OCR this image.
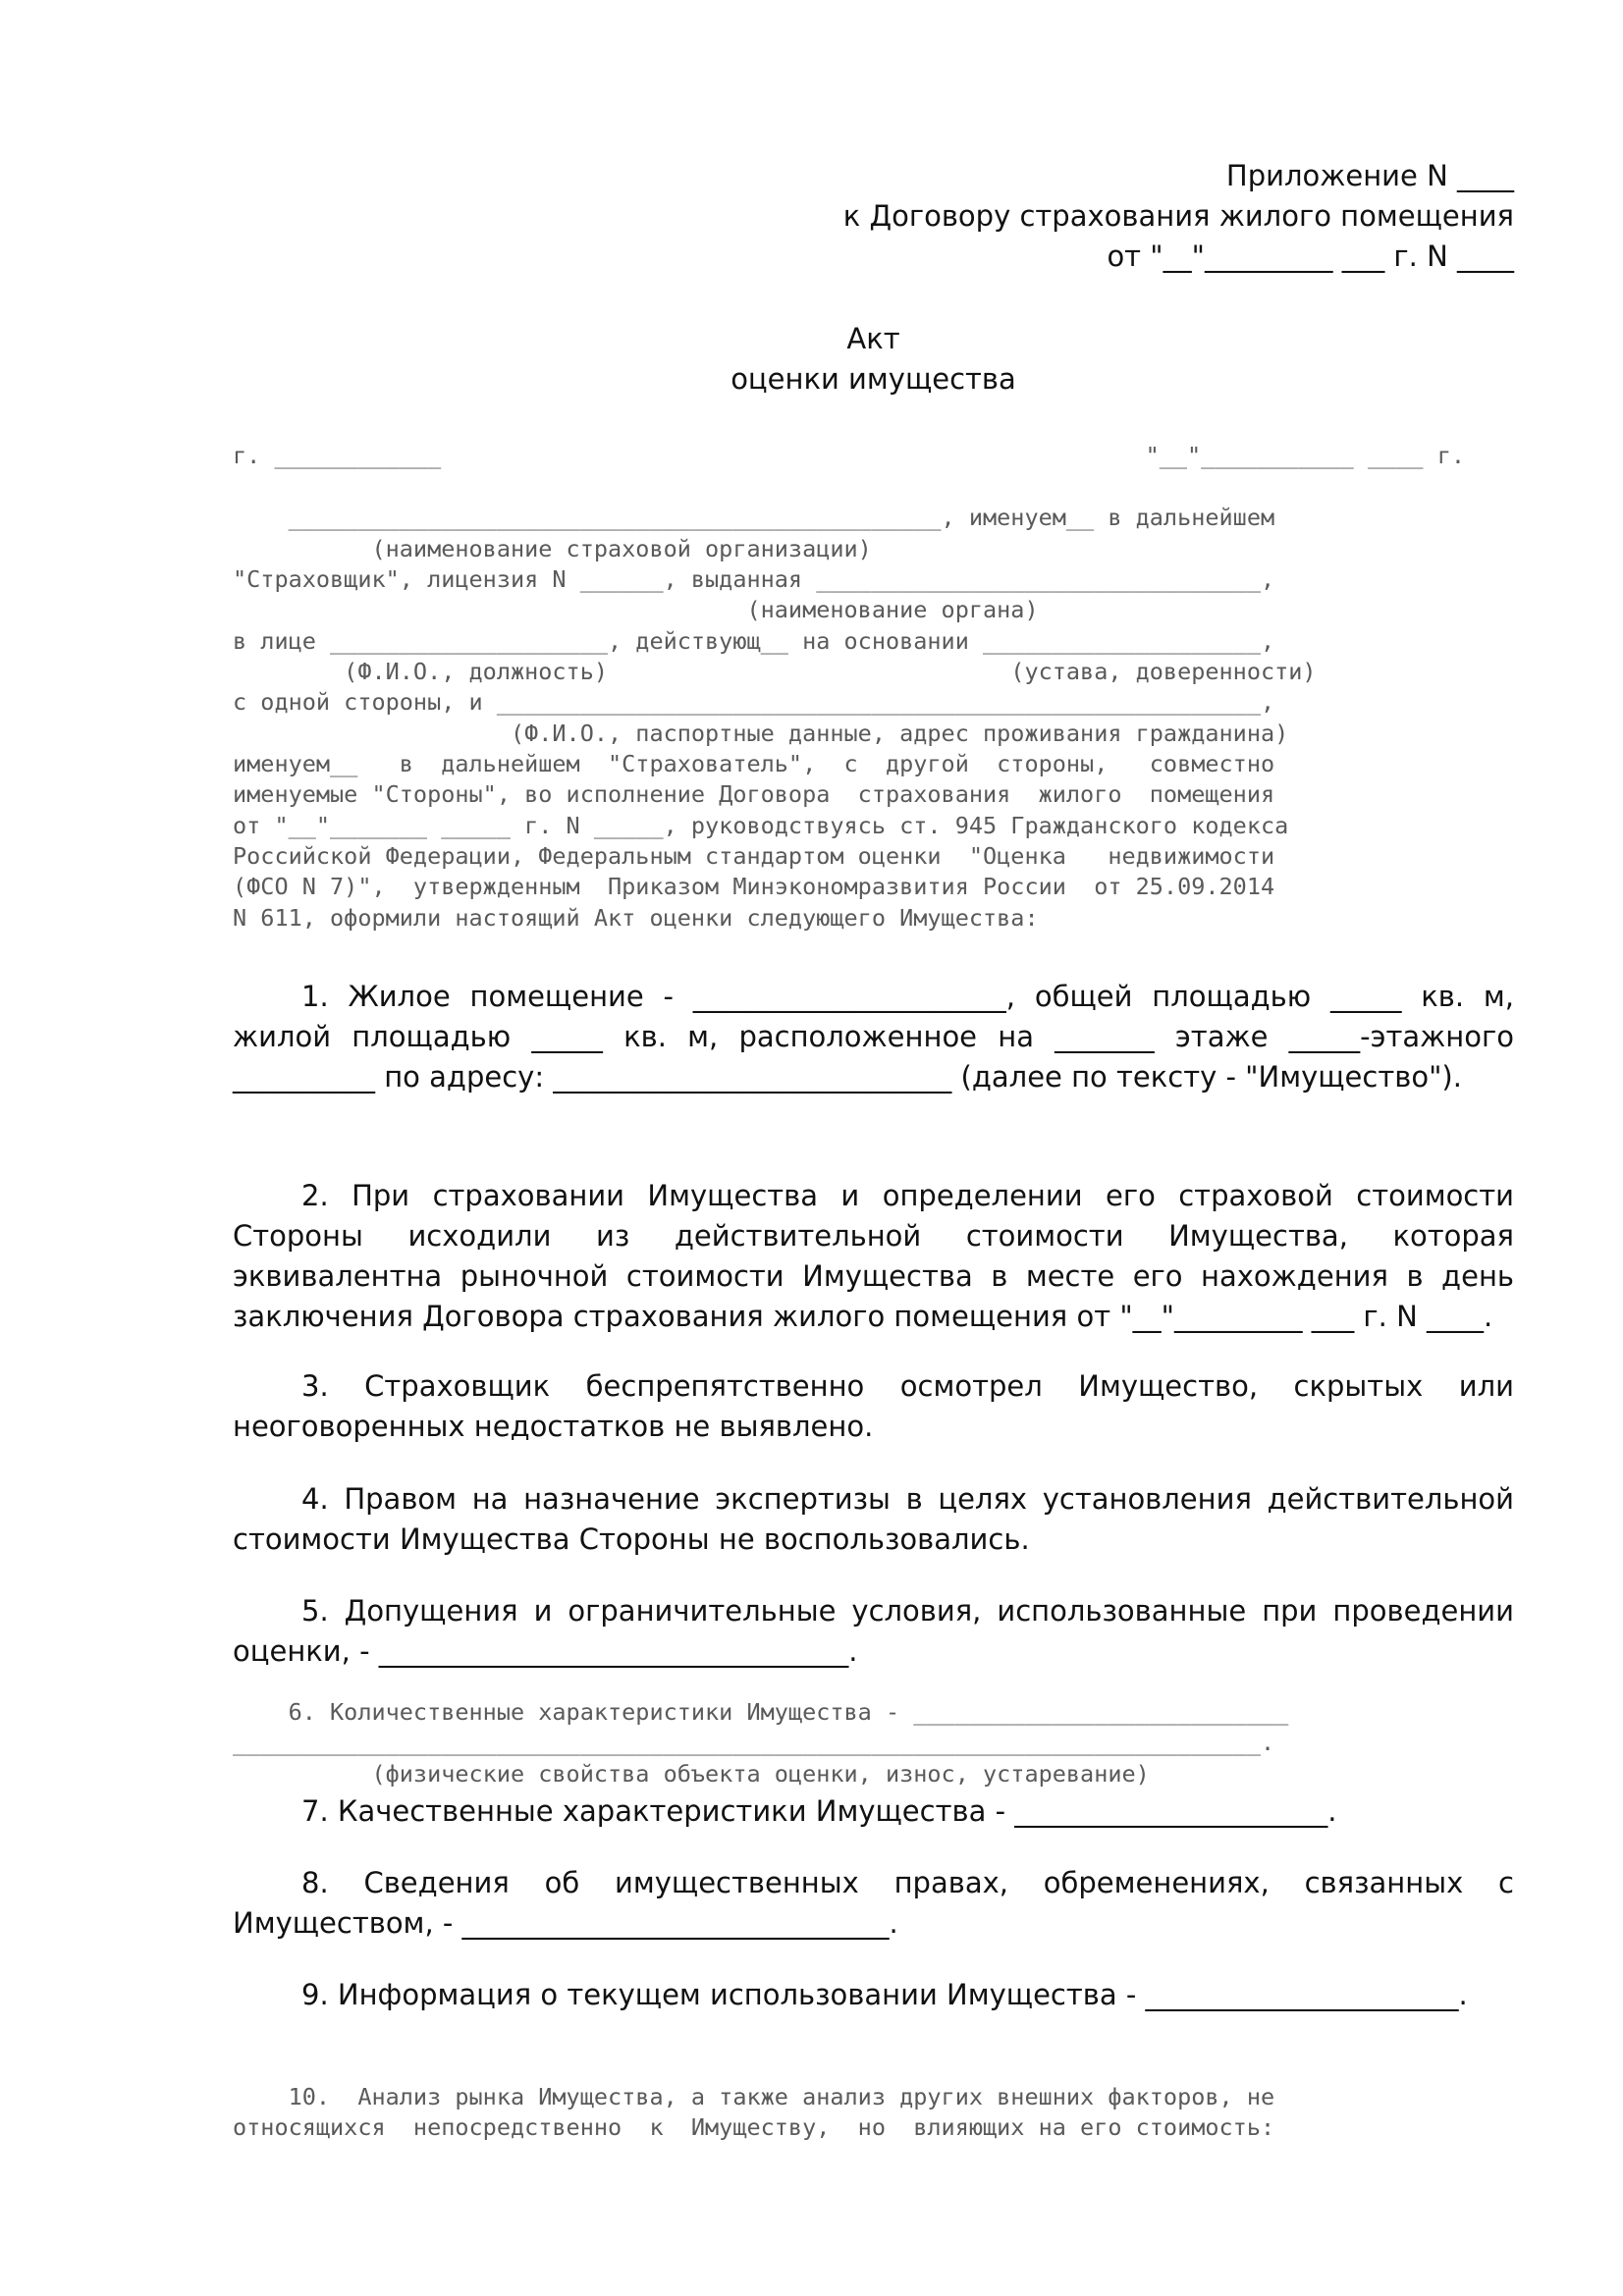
Приложение N ____
к Договору страхования жилого помещения
от "__"_________ ___ г. N ____
Акт
оценки имущества
г. ____________	"__"___________ ____ г.
_______________________________________________, именуем__ в дальнейшем
(наименование страховой организации)
"Страховщик", лицензия N ______, выданная ________________________________,
(наименование органа)
в лице ____________________, действующ__ на основании ____________________,
(Ф.И.О., должность)                             (устава, доверенности)
с одной стороны, и _______________________________________________________,
(Ф.И.О., паспортные данные, адрес проживания гражданина)
именуем__   в  дальнейшем  "Страхователь",  с  другой  стороны,   совместно
именуемые "Стороны", во исполнение Договора  страхования  жилого  помещения
от "__"_______ _____ г. N _____, руководствуясь ст. 945 Гражданского кодекса
Российской Федерации, Федеральным стандартом оценки  "Оценка   недвижимости
(ФСО N 7)",  утвержденным  Приказом Минэкономразвития России  от 25.09.2014
N 611, оформили настоящий Акт оценки следующего Имущества:
1. Жилое помещение - ______________________, общей площадью _____ кв. м, жилой площадью _____ кв. м, расположенное на _______ этаже _____-этажного __________ по адресу: ____________________________ (далее по тексту - "Имущество").
2. При страховании Имущества и определении его страховой стоимости Стороны исходили из действительной стоимости Имущества, которая эквивалентна рыночной стоимости Имущества в месте его нахождения в день заключения Договора страхования жилого помещения от "__"_________ ___ г. N ____.
3. Страховщик беспрепятственно осмотрел Имущество, скрытых или неоговоренных недостатков не выявлено.
4. Правом на назначение экспертизы в целях установления действительной стоимости Имущества Стороны не воспользовались.
5. Допущения и ограничительные условия, использованные при проведении оценки, - _________________________________.
6. Количественные характеристики Имущества - ___________________________
__________________________________________________________________________.
(физические свойства объекта оценки, износ, устаревание)
7. Качественные характеристики Имущества - ______________________.
8. Сведения об имущественных правах, обременениях, связанных с Имуществом, - ______________________________.
9. Информация о текущем использовании Имущества - ______________________.
10.  Анализ рынка Имущества, а также анализ других внешних факторов, не
относящихся  непосредственно  к  Имуществу,  но  влияющих на его стоимость:
